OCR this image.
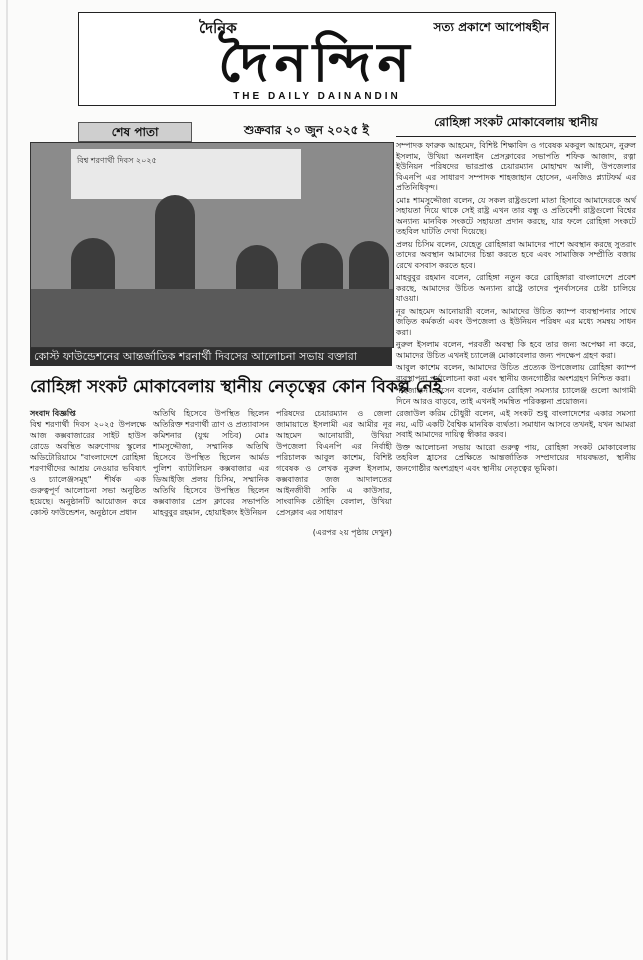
দৈনিক	সত্য প্রকাশে আপোষহীন
দৈনন্দিন
THE DAILY DAINANDIN
শেষ পাতা	শুক্রবার ২০ জুন ২০২৫ ই
বিশ্ব শরণার্থী দিবস ২০২৫
কোস্ট ফাউন্ডেশনের আন্তর্জাতিক শরনার্থী দিবসের আলোচনা সভায় বক্তারা
রোহিঙ্গা সংকট মোকাবেলায় স্থানীয় নেতৃত্বের কোন বিকল্প নেই
সংবাদ বিজ্ঞপ্তি
বিশ্ব শরণার্থী দিবস ২০২৫ উপলক্ষে আজ কক্সবাজারের সাইট হাউস রোডে অবস্থিত অরুণোদয় স্কুলের অডিটোরিয়ামে "বাংলাদেশে রোহিঙ্গা শরণার্থীদের আশ্রয় নেওয়ার ভবিষ্যৎ ও চ্যালেঞ্জসমূহ" শীর্ষক এক গুরুত্বপূর্ণ আলোচনা সভা অনুষ্ঠিত হয়েছে। অনুষ্ঠানটি আয়োজন করে কোস্ট ফাউন্ডেশন, অনুষ্ঠানে প্রধান
অতিথি হিসেবে উপস্থিত ছিলেন অতিরিক্ত শরণার্থী ত্রাণ ও প্রত্যাবাসন কমিশনার (যুগ্ম সচিব) মোঃ শামসুদ্দৌজা, সম্মানিক অতিথি হিসেবে উপস্থিত ছিলেন আর্মড পুলিশ ব্যাটালিয়ন কক্সবাজার এর ডিআইজি প্রলয় চিসিম, সম্মানিক অতিথি হিসেবে উপস্থিত ছিলেন কক্সবাজার প্রেস ক্লাবের সভাপতি মাহবুবুর রহমান, হোয়াইক্যং ইউনিয়ন
পরিষদের চেয়ারম্যান ও জেলা জামায়াতে ইসলামী এর আমীর নূর আহমেদ আনোয়ারী, উখিয়া উপজেলা বিএনপি এর নির্বাহী পরিচালক আবুল কাশেম, বিশিষ্ট গবেষক ও লেখক নুরুল ইসলাম, কক্সবাজার জজ আদালতের আইনজীবী সাকি এ কাউসার, সাংবাদিক তৌহিদ বেলাল, উখিয়া প্রেসক্লাব এর সাধারণ
(এরপর ২য় পৃষ্ঠায় দেখুন)
রোহিঙ্গা সংকট মোকাবেলায় স্থানীয়

সম্পাদক ফারুক আহমেদ, বিশিষ্ট শিক্ষাবিদ ও গবেষক মকবুল আহমেদ, নুরুল ইসলাম, উখিয়া অনলাইন প্রেসক্লাবের সভাপতি শফিক আজাদ, রত্না ইউনিয়ন পরিষদের ভারপ্রাপ্ত চেয়ারম্যান মোহাম্মদ আলী, উপজেলার বিএনপি এর সাধারণ সম্পাদক শাহজাহান হোসেন, এনজিও প্ল্যাটফর্ম এর প্রতিনিধিবৃন্দ।

মোঃ শামসুদ্দৌজা বলেন, যে সকল রাষ্ট্রগুলো মাতা হিসাবে আমাদেরকে অর্থ সহায়তা দিয়ে থাকে সেই রাষ্ট্র এখন তার বন্ধু ও প্রতিবেশী রাষ্ট্রগুলো বিশ্বের অন্যান্য মানবিক সংকটে সহায়তা প্রদান করছে, যার ফলে রোহিঙ্গা সংকটে তহবিল ঘাটতি দেখা দিয়েছে।

প্রলয় চিসিম বলেন, যেহেতু রোহিঙ্গারা আমাদের পাশে অবস্থান করছে সুতরাং তাদের অবস্থান আমাদের চিন্তা করতে হবে এবং সামাজিক সম্প্রীতি বজায় রেখে বসবাস করতে হবে।

মাহবুবুর রহমান বলেন, রোহিঙ্গা নতুন করে রোহিঙ্গারা বাংলাদেশে প্রবেশ করছে, আমাদের উচিত অন্যান্য রাষ্ট্রে তাদের পুনর্বাসনের চেষ্টা চালিয়ে যাওয়া।

নূর আহমেদ আনোয়ারী বলেন, আমাদের উচিত ক্যাম্প ব্যবস্থাপনার সাথে জড়িত কর্মকর্তা এবং উপজেলা ও ইউনিয়ন পরিষদ এর মধ্যে সমন্বয় সাধন করা।

নুরুল ইসলাম বলেন, পরবর্তী অবস্থা কি হবে তার জন্য অপেক্ষা না করে, আমাদের উচিত এখনই চ্যালেঞ্জ মোকাবেলার জন্য পদক্ষেপ গ্রহণ করা।

আবুল কাশেম বলেন, আমাদের উচিত প্রত্যেক উপজেলায় রোহিঙ্গা ক্যাম্প ব্যবস্থাপনা পর্যালোচনা করা এবং স্থানীয় জনগোষ্ঠীর অংশগ্রহণ নিশ্চিত করা।

শাহজাহান হোসেন বলেন, বর্তমান রোহিঙ্গা সমস্যার চ্যালেঞ্জ গুলো আগামী দিনে আরও বাড়বে, তাই এখনই সমন্বিত পরিকল্পনা প্রয়োজন।

রেজাউল করিম চৌধুরী বলেন, এই সংকট শুধু বাংলাদেশের একার সমস্যা নয়, এটি একটি বৈশ্বিক মানবিক ব্যর্থতা। সমাধান আসবে তখনই, যখন আমরা সবাই আমাদের দায়িত্ব স্বীকার করব।

উক্ত আলোচনা সভায় আরো গুরুত্ব পায়, রোহিঙ্গা সংকট মোকাবেলায় তহবিল হ্রাসের প্রেক্ষিতে আন্তর্জাতিক সম্প্রদায়ের দায়বদ্ধতা, স্থানীয় জনগোষ্ঠীর অংশগ্রহণ এবং স্থানীয় নেতৃত্বের ভূমিকা।
